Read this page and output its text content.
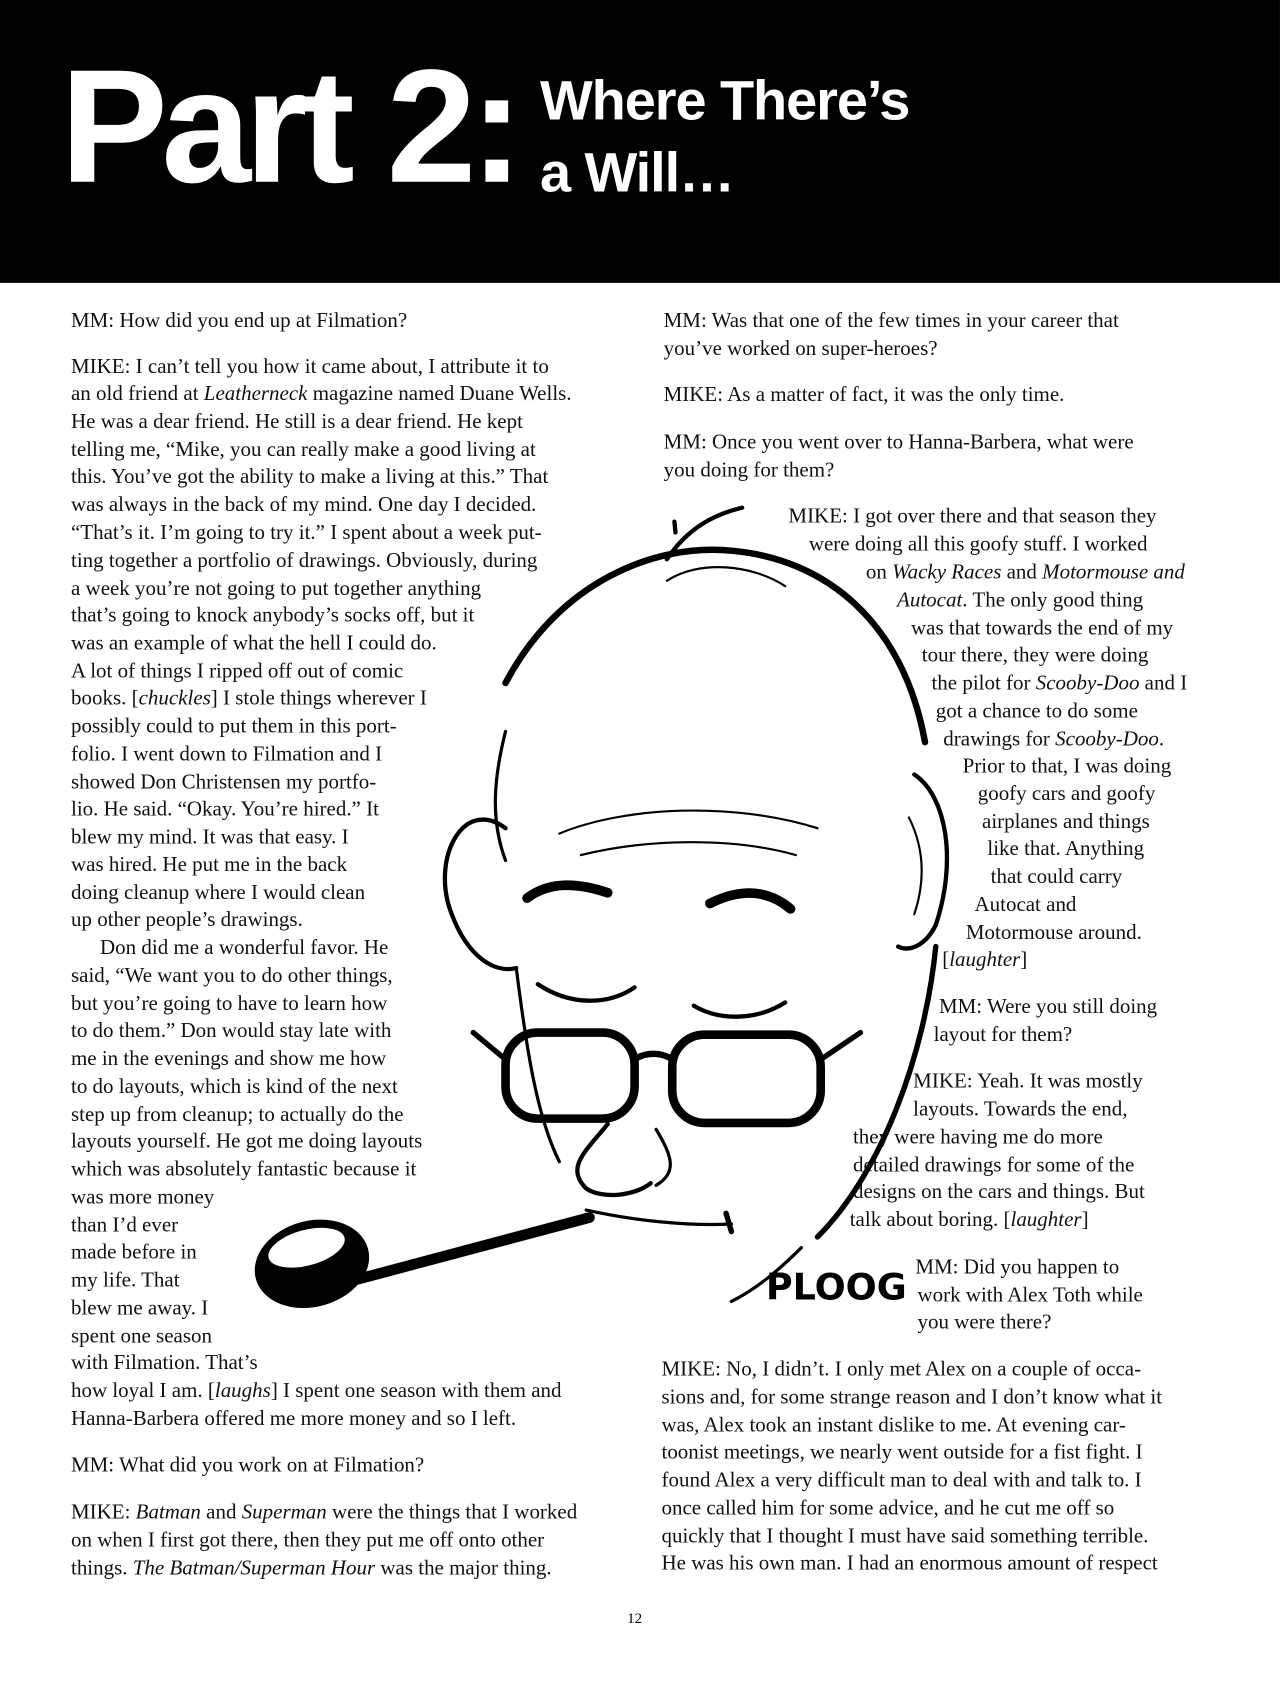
Part 2: Where There’s
a Will…
PLOOG
MM: How did you end up at Filmation?
MIKE: I can’t tell you how it came about, I attribute it to
an old friend at Leatherneck magazine named Duane Wells.
He was a dear friend. He still is a dear friend. He kept
telling me, “Mike, you can really make a good living at
this. You’ve got the ability to make a living at this.” That
was always in the back of my mind. One day I decided.
“That’s it. I’m going to try it.” I spent about a week put-
ting together a portfolio of drawings. Obviously, during
a week you’re not going to put together anything
that’s going to knock anybody’s socks off, but it
was an example of what the hell I could do.
A lot of things I ripped off out of comic
books. [chuckles] I stole things wherever I
possibly could to put them in this port-
folio. I went down to Filmation and I
showed Don Christensen my portfo-
lio. He said. “Okay. You’re hired.” It
blew my mind. It was that easy. I
was hired. He put me in the back
doing cleanup where I would clean
up other people’s drawings.
Don did me a wonderful favor. He
said, “We want you to do other things,
but you’re going to have to learn how
to do them.” Don would stay late with
me in the evenings and show me how
to do layouts, which is kind of the next
step up from cleanup; to actually do the
layouts yourself. He got me doing layouts
which was absolutely fantastic because it
was more money
than I’d ever
made before in
my life. That
blew me away. I
spent one season
with Filmation. That’s
how loyal I am. [laughs] I spent one season with them and
Hanna-Barbera offered me more money and so I left.
MM: What did you work on at Filmation?
MIKE: Batman and Superman were the things that I worked
on when I first got there, then they put me off onto other
things. The Batman/Superman Hour was the major thing.
MM: Was that one of the few times in your career that
you’ve worked on super-heroes?
MIKE: As a matter of fact, it was the only time.
MM: Once you went over to Hanna-Barbera, what were
you doing for them?
MIKE: I got over there and that season they
were doing all this goofy stuff. I worked
on Wacky Races and Motormouse and
Autocat. The only good thing
was that towards the end of my
tour there, they were doing
the pilot for Scooby-Doo and I
got a chance to do some
drawings for Scooby-Doo.
Prior to that, I was doing
goofy cars and goofy
airplanes and things
like that. Anything
that could carry
Autocat and
Motormouse around.
[laughter]
MM: Were you still doing
layout for them?
MIKE: Yeah. It was mostly
layouts. Towards the end,
they were having me do more
detailed drawings for some of the
designs on the cars and things. But
talk about boring. [laughter]
MM: Did you happen to
work with Alex Toth while
you were there?
MIKE: No, I didn’t. I only met Alex on a couple of occa-
sions and, for some strange reason and I don’t know what it
was, Alex took an instant dislike to me. At evening car-
toonist meetings, we nearly went outside for a fist fight. I
found Alex a very difficult man to deal with and talk to. I
once called him for some advice, and he cut me off so
quickly that I thought I must have said something terrible.
He was his own man. I had an enormous amount of respect
12
